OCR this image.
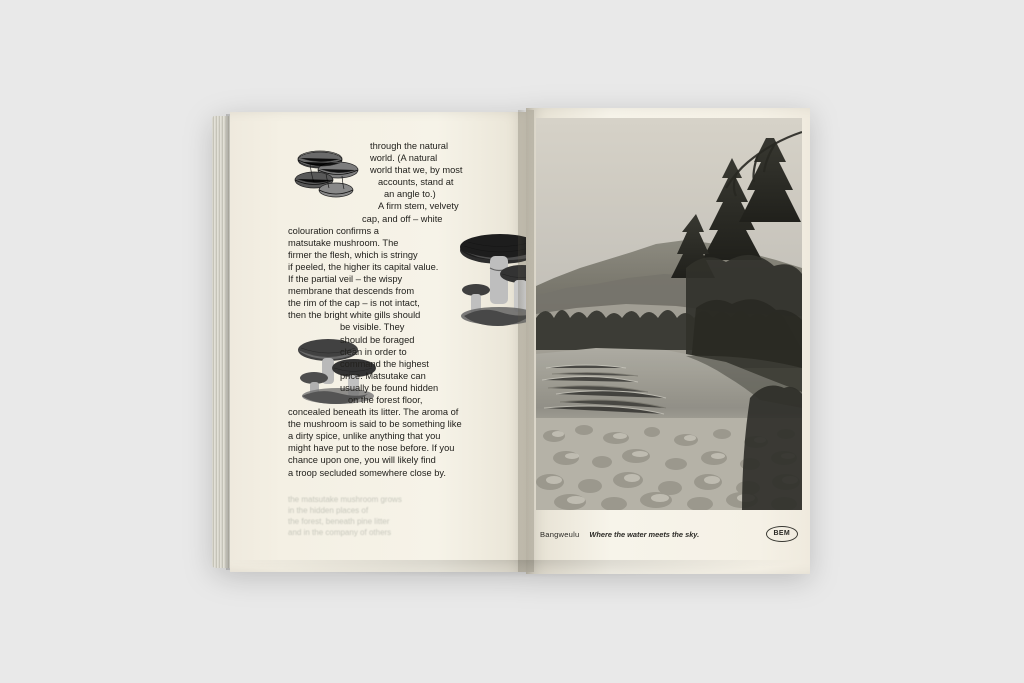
through the natural
world. (A natural
world that we, by most
accounts, stand at
an angle to.)
A firm stem, velvety
cap, and off – white
colouration confirms a
matsutake mushroom. The
firmer the flesh, which is stringy
if peeled, the higher its capital value.
If the partial veil – the wispy
membrane that descends from
the rim of the cap – is not intact,
then the bright white gills should
be visible. They
should be foraged
clean in order to
command the highest
price. Matsutake can
usually be found hidden
on the forest floor,
concealed beneath its litter. The aroma of
the mushroom is said to be something like
a dirty spice, unlike anything that you
might have put to the nose before. If you
chance upon one, you will likely find
a troop secluded somewhere close by.
the matsutake mushroom grows
in the hidden places of
the forest, beneath pine litter
and in the company of others	Bangweulu Where the water meets the sky.	BEM
